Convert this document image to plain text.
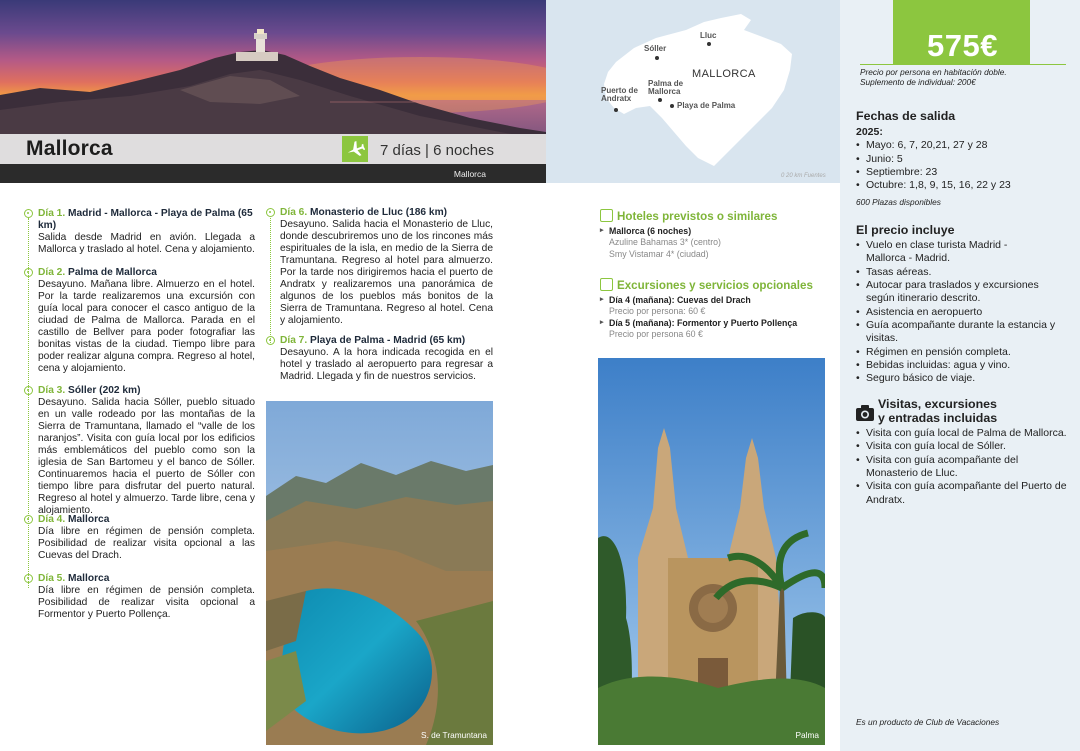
Mallorca	7 días | 6 noches
Mallorca
Lluc
Sóller
MALLORCA
Palma de Mallorca
Puerto de Andratx
Playa de Palma
0 20 km Fuentes
Día 1. Madrid - Mallorca - Playa de Palma (65 km)
Salida desde Madrid en avión. Llegada a Mallorca y traslado al hotel. Cena y alojamiento.
Día 2. Palma de Mallorca
Desayuno. Mañana libre. Almuerzo en el hotel. Por la tarde realizaremos una excursión con guía local para conocer el casco antiguo de la ciudad de Palma de Mallorca. Parada en el castillo de Bellver para poder fotografiar las bonitas vistas de la ciudad. Tiempo libre para poder realizar alguna compra. Regreso al hotel, cena y alojamiento.
Día 3. Sóller (202 km)
Desayuno. Salida hacia Sóller, pueblo situado en un valle rodeado por las montañas de la Sierra de Tramuntana, llamado el “valle de los naranjos”. Visita con guía local por los edificios más emblemáticos del pueblo como son la iglesia de San Bartomeu y el banco de Sóller. Continuaremos hacia el puerto de Sóller con tiempo libre para disfrutar del puerto natural. Regreso al hotel y almuerzo. Tarde libre, cena y alojamiento.
Día 4. Mallorca
Día libre en régimen de pensión completa. Posibilidad de realizar visita opcional a las Cuevas del Drach.
Día 5. Mallorca
Día libre en régimen de pensión completa. Posibilidad de realizar visita opcional a Formentor y Puerto Pollença.
Día 6. Monasterio de Lluc (186 km)
Desayuno. Salida hacia el Monasterio de Lluc, donde descubriremos uno de los rincones más espirituales de la isla, en medio de la Sierra de Tramuntana. Regreso al hotel para almuerzo. Por la tarde nos dirigiremos hacia el puerto de Andratx y realizaremos una panorámica de algunos de los pueblos más bonitos de la Sierra de Tramuntana. Regreso al hotel. Cena y alojamiento.
Día 7. Playa de Palma - Madrid (65 km)
Desayuno. A la hora indicada recogida en el hotel y traslado al aeropuerto para regresar a Madrid. Llegada y fin de nuestros servicios.
S. de Tramuntana
Hoteles previstos o similares
▸ Mallorca (6 noches)
Azuline Bahamas 3* (centro)
Smy Vistamar 4* (ciudad)
Excursiones y servicios opcionales
▸ Día 4 (mañana): Cuevas del Drach
Precio por persona: 60 €
▸ Día 5 (mañana): Formentor y Puerto Pollença
Precio por persona 60 €
Palma
575€
Precio por persona en habitación doble.
Suplemento de individual: 200€
Fechas de salida
2025:
• Mayo: 6, 7, 20,21, 27 y 28
• Junio: 5
• Septiembre: 23
• Octubre: 1,8, 9, 15, 16, 22 y 23
600 Plazas disponibles
El precio incluye
• Vuelo en clase turista Madrid - Mallorca - Madrid.
• Tasas aéreas.
• Autocar para traslados y excursiones según itinerario descrito.
• Asistencia en aeropuerto
• Guía acompañante durante la estancia y visitas.
• Régimen en pensión completa.
• Bebidas incluidas: agua y vino.
• Seguro básico de viaje.
Visitas, excursiones
y entradas incluidas
• Visita con guía local de Palma de Mallorca.
• Visita con guía local de Sóller.
• Visita con guía acompañante del Monasterio de Lluc.
• Visita con guía acompañante del Puerto de Andratx.
Es un producto de Club de Vacaciones
